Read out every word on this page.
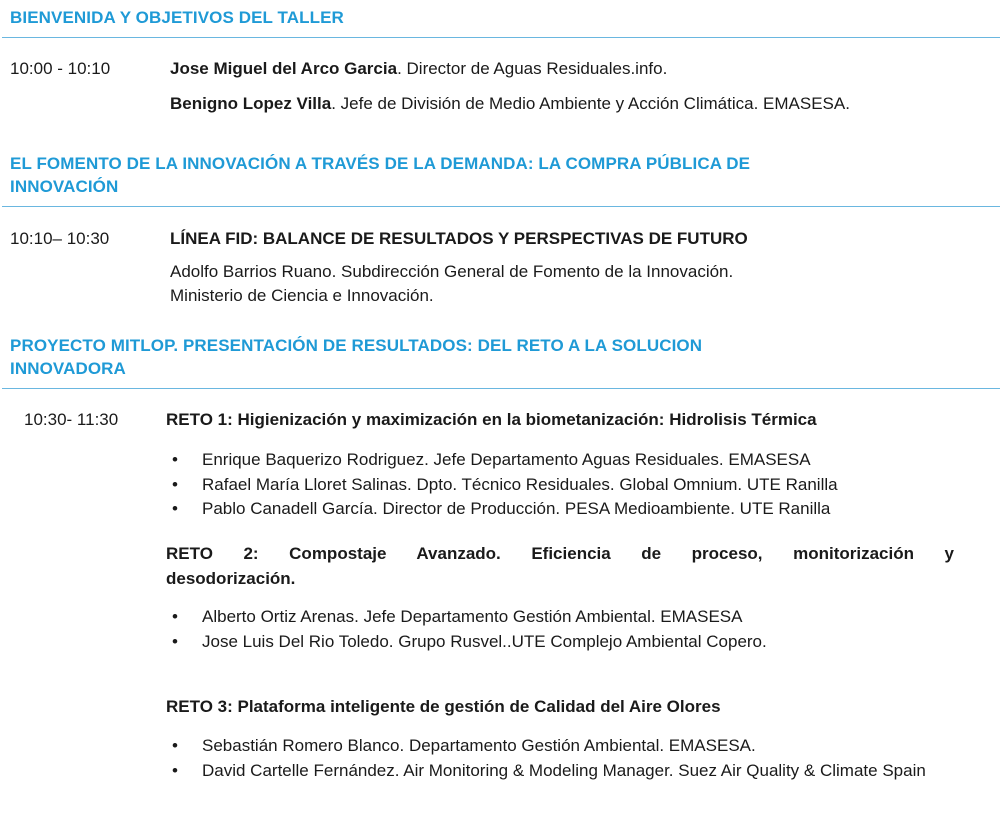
BIENVENIDA Y OBJETIVOS DEL TALLER
10:00 - 10:10	Jose Miguel del Arco Garcia. Director de Aguas Residuales.info.
Benigno Lopez Villa. Jefe de División de Medio Ambiente y Acción Climática. EMASESA.
EL FOMENTO DE LA INNOVACIÓN A TRAVÉS DE LA DEMANDA: LA COMPRA PÚBLICA DE
INNOVACIÓN
10:10– 10:30	LÍNEA FID: BALANCE DE RESULTADOS Y PERSPECTIVAS DE FUTURO
Adolfo Barrios Ruano. Subdirección General de Fomento de la Innovación.
Ministerio de Ciencia e Innovación.
PROYECTO MITLOP. PRESENTACIÓN DE RESULTADOS: DEL RETO A LA SOLUCION
INNOVADORA
10:30- 11:30	RETO 1: Higienización y maximización en la biometanización: Hidrolisis Térmica
• Enrique Baquerizo Rodriguez. Jefe Departamento Aguas Residuales. EMASESA
• Rafael María Lloret Salinas. Dpto. Técnico Residuales. Global Omnium. UTE Ranilla
• Pablo Canadell García. Director de Producción. PESA Medioambiente. UTE Ranilla
RETO 2: Compostaje Avanzado. Eficiencia de proceso, monitorización y
desodorización.
• Alberto Ortiz Arenas. Jefe Departamento Gestión Ambiental. EMASESA
• Jose Luis Del Rio Toledo. Grupo Rusvel..UTE Complejo Ambiental Copero.
RETO 3: Plataforma inteligente de gestión de Calidad del Aire Olores
• Sebastián Romero Blanco. Departamento Gestión Ambiental. EMASESA.
• David Cartelle Fernández. Air Monitoring & Modeling Manager. Suez Air Quality & Climate Spain
